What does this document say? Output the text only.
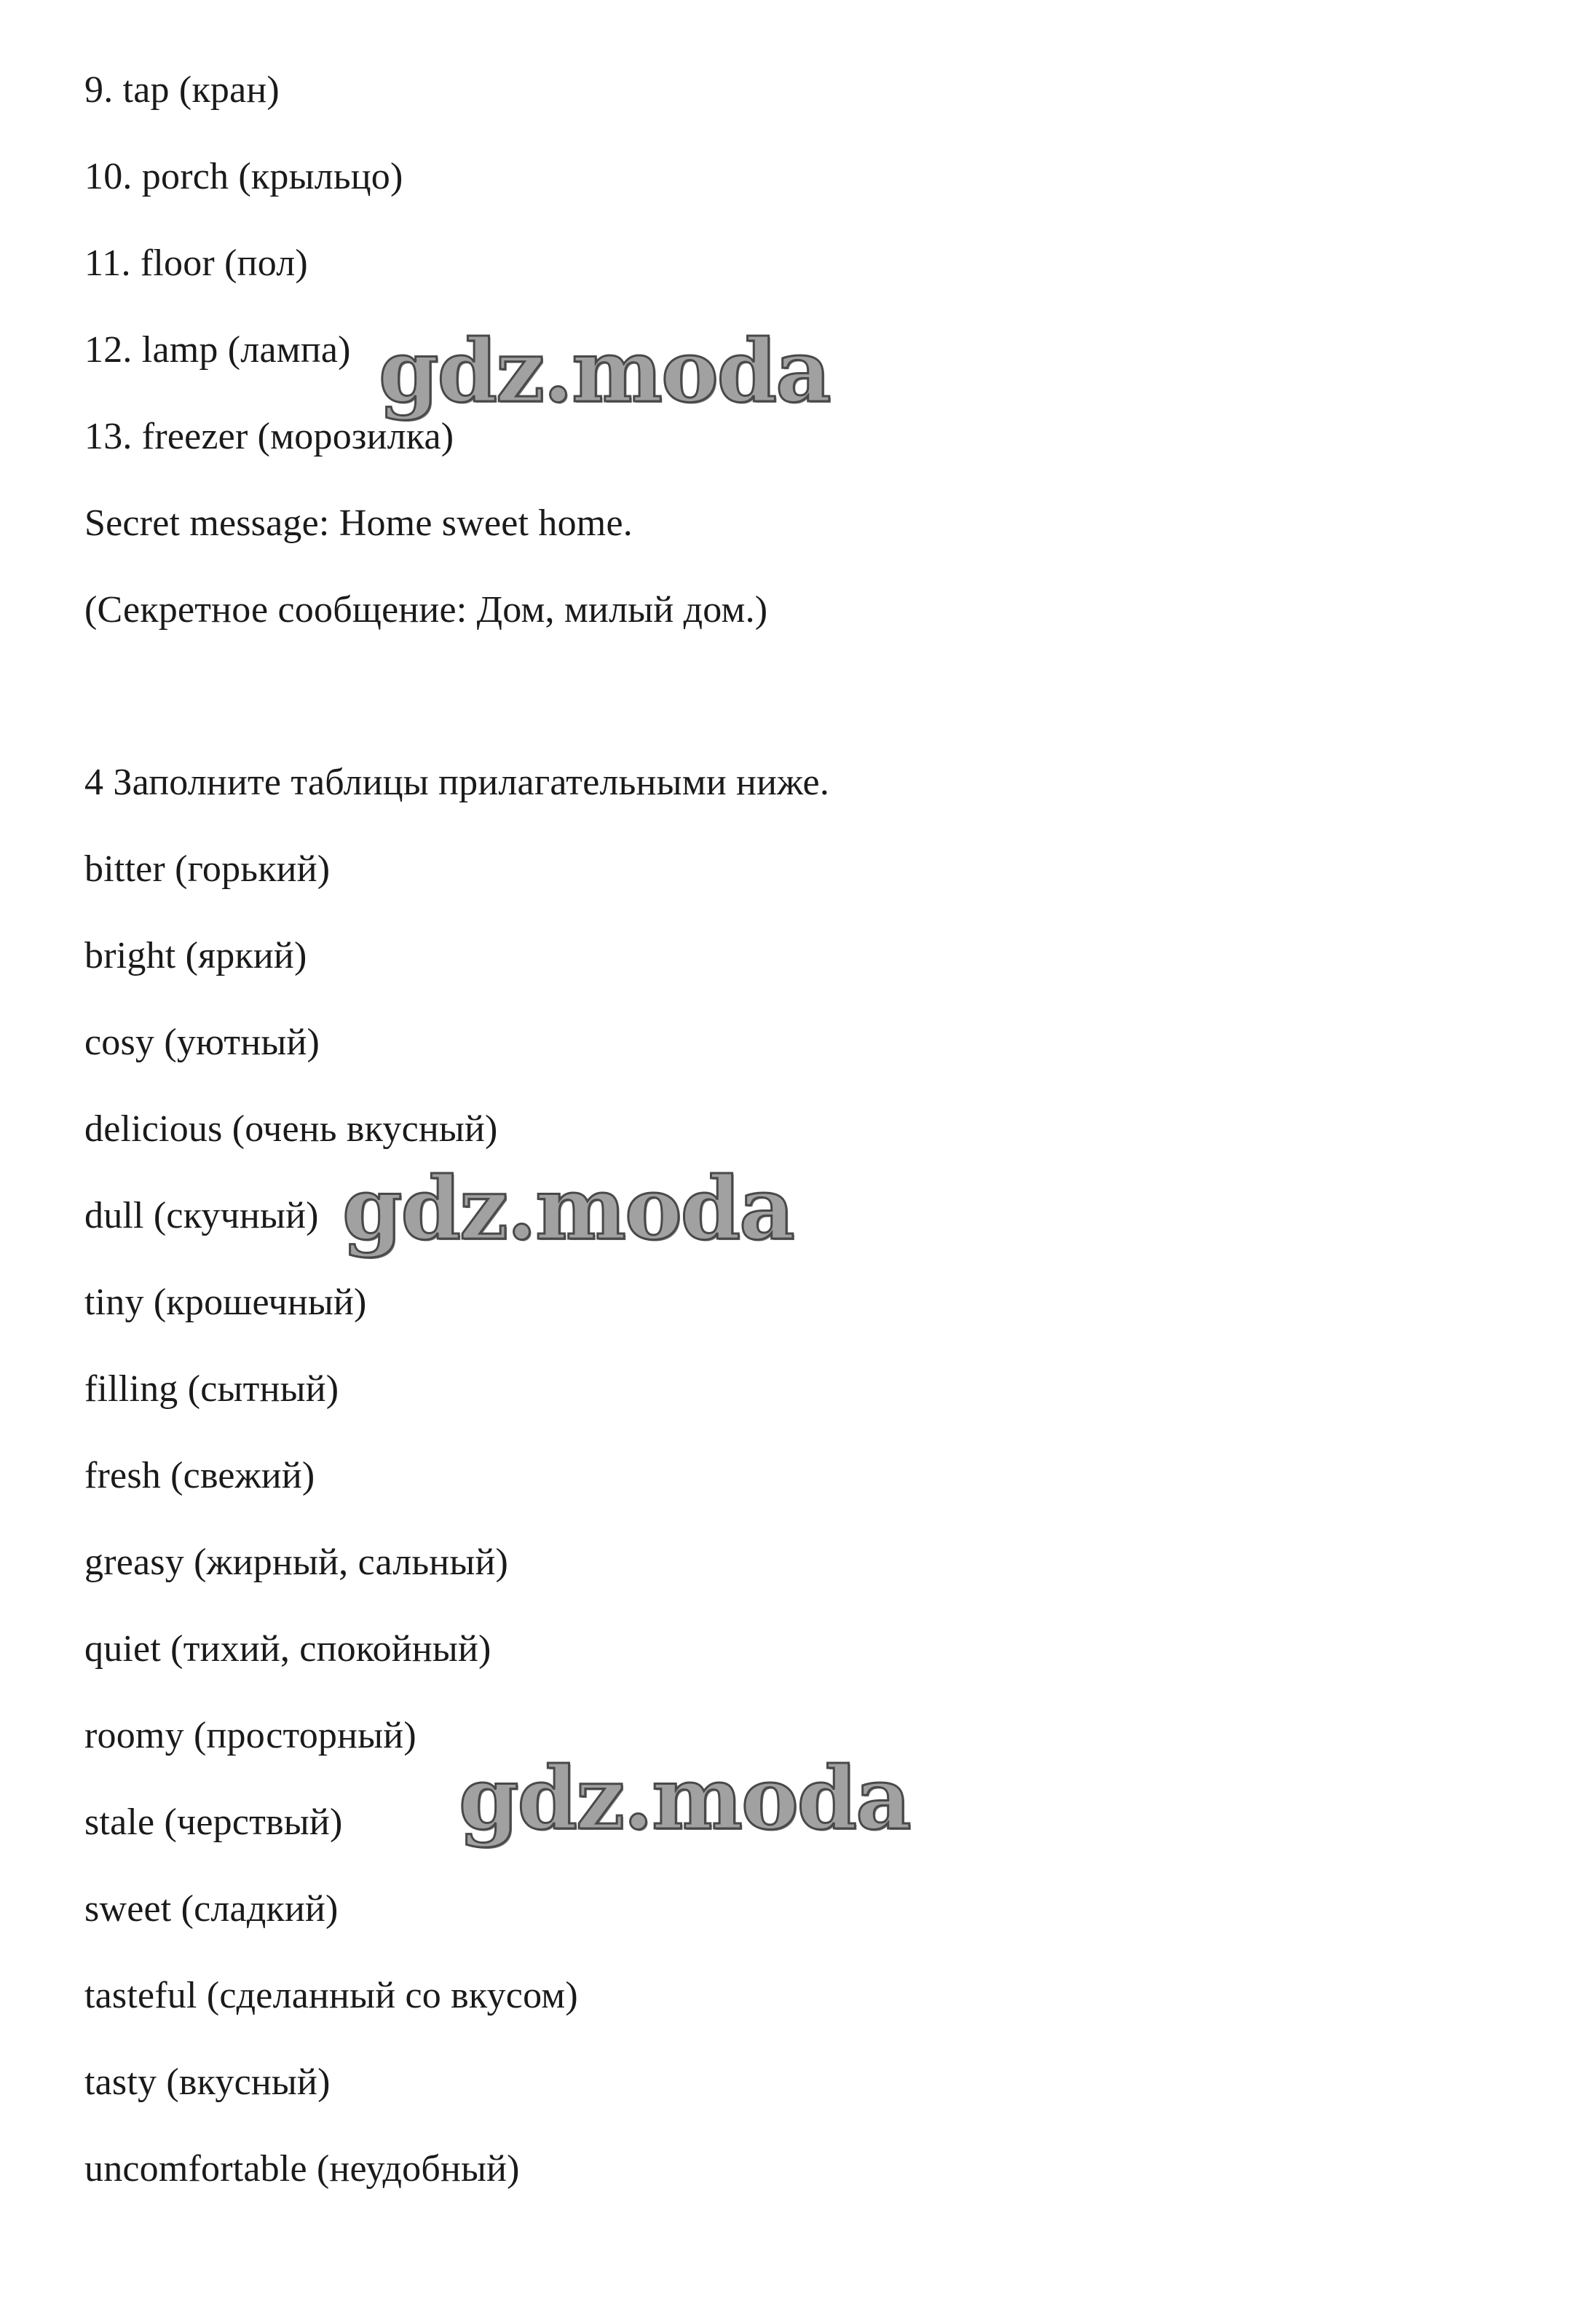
9. tap (кран)
10. porch (крыльцо)
11. floor (пол)
12. lamp (лампа)
13. freezer (морозилка)
Secret message: Home sweet home.
(Секретное сообщение: Дом, милый дом.)
4 Заполните таблицы прилагательными ниже.
bitter (горький)
bright (яркий)
cosy (уютный)
delicious (очень вкусный)
dull (скучный)
tiny (крошечный)
filling (сытный)
fresh (свежий)
greasy (жирный, сальный)
quiet (тихий, спокойный)
roomy (просторный)
stale (черствый)
sweet (сладкий)
tasteful (сделанный со вкусом)
tasty (вкусный)
uncomfortable (неудобный)
gdz.moda
gdz.moda
gdz.moda
